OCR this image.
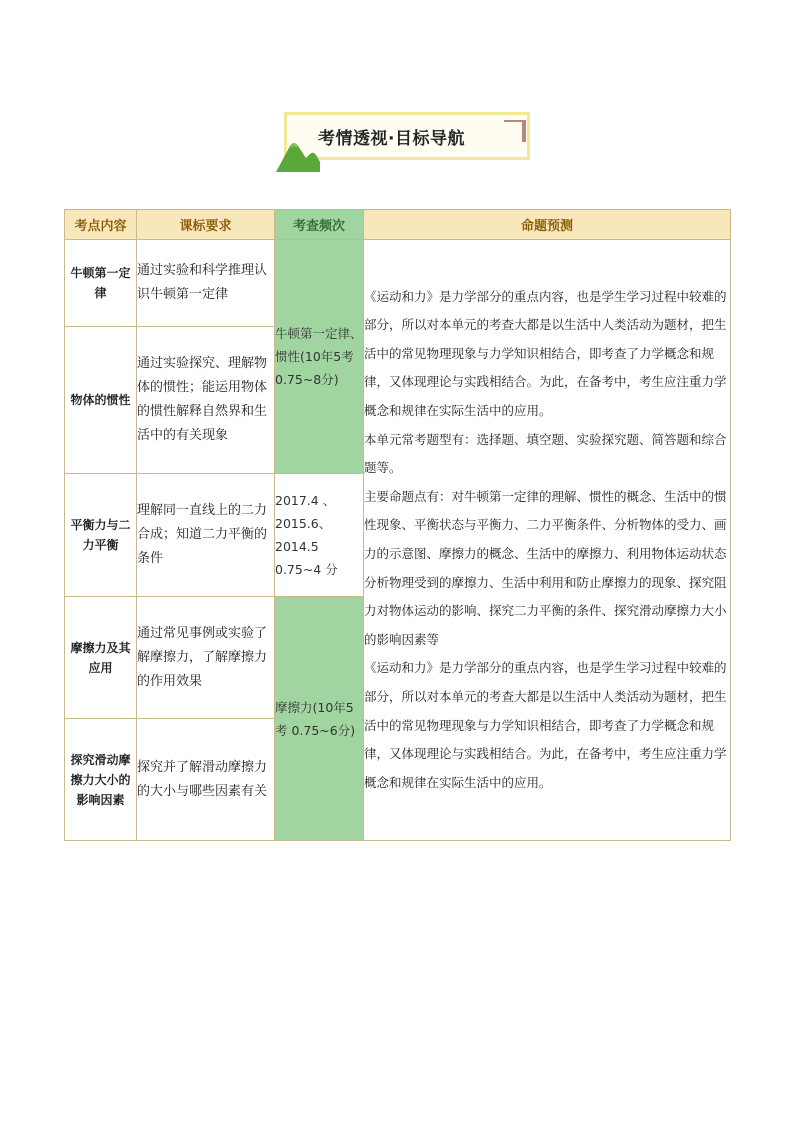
考情透视·目标导航
考点内容	课标要求	考查频次	命题预测
牛顿第一定律	通过实验和科学推理认识牛顿第一定律	牛顿第一定律、惯性(10年5考 0.75~8分)	《运动和力》是力学部分的重点内容，也是学生学习过程中较难的部分，所以对本单元的考查大都是以生活中人类活动为题材，把生活中的常见物理现象与力学知识相结合，即考查了力学概念和规律，又体现理论与实践相结合。为此，在备考中，考生应注重力学概念和规律在实际生活中的应用。
本单元常考题型有：选择题、填空题、实验探究题、简答题和综合题等。
主要命题点有：对牛顿第一定律的理解、惯性的概念、生活中的惯性现象、平衡状态与平衡力、二力平衡条件、分析物体的受力、画力的示意图、摩擦力的概念、生活中的摩擦力、利用物体运动状态分析物理受到的摩擦力、生活中利用和防止摩擦力的现象、探究阻力对物体运动的影响、探究二力平衡的条件、探究滑动摩擦力大小的影响因素等
《运动和力》是力学部分的重点内容，也是学生学习过程中较难的部分，所以对本单元的考查大都是以生活中人类活动为题材，把生活中的常见物理现象与力学知识相结合，即考查了力学概念和规律，又体现理论与实践相结合。为此，在备考中，考生应注重力学概念和规律在实际生活中的应用。

物体的惯性	通过实验探究、理解物体的惯性；能运用物体的惯性解释自然界和生活中的有关现象		
平衡力与二力平衡	理解同一直线上的二力合成；知道二力平衡的条件	2017.4 、2015.6、2014.5 0.75~4 分	
摩擦力及其应用	通过常见事例或实验了解摩擦力，了解摩擦力的作用效果	摩擦力(10年5考 0.75~6分)	
探究滑动摩擦力大小的影响因素	探究并了解滑动摩擦力的大小与哪些因素有关		
